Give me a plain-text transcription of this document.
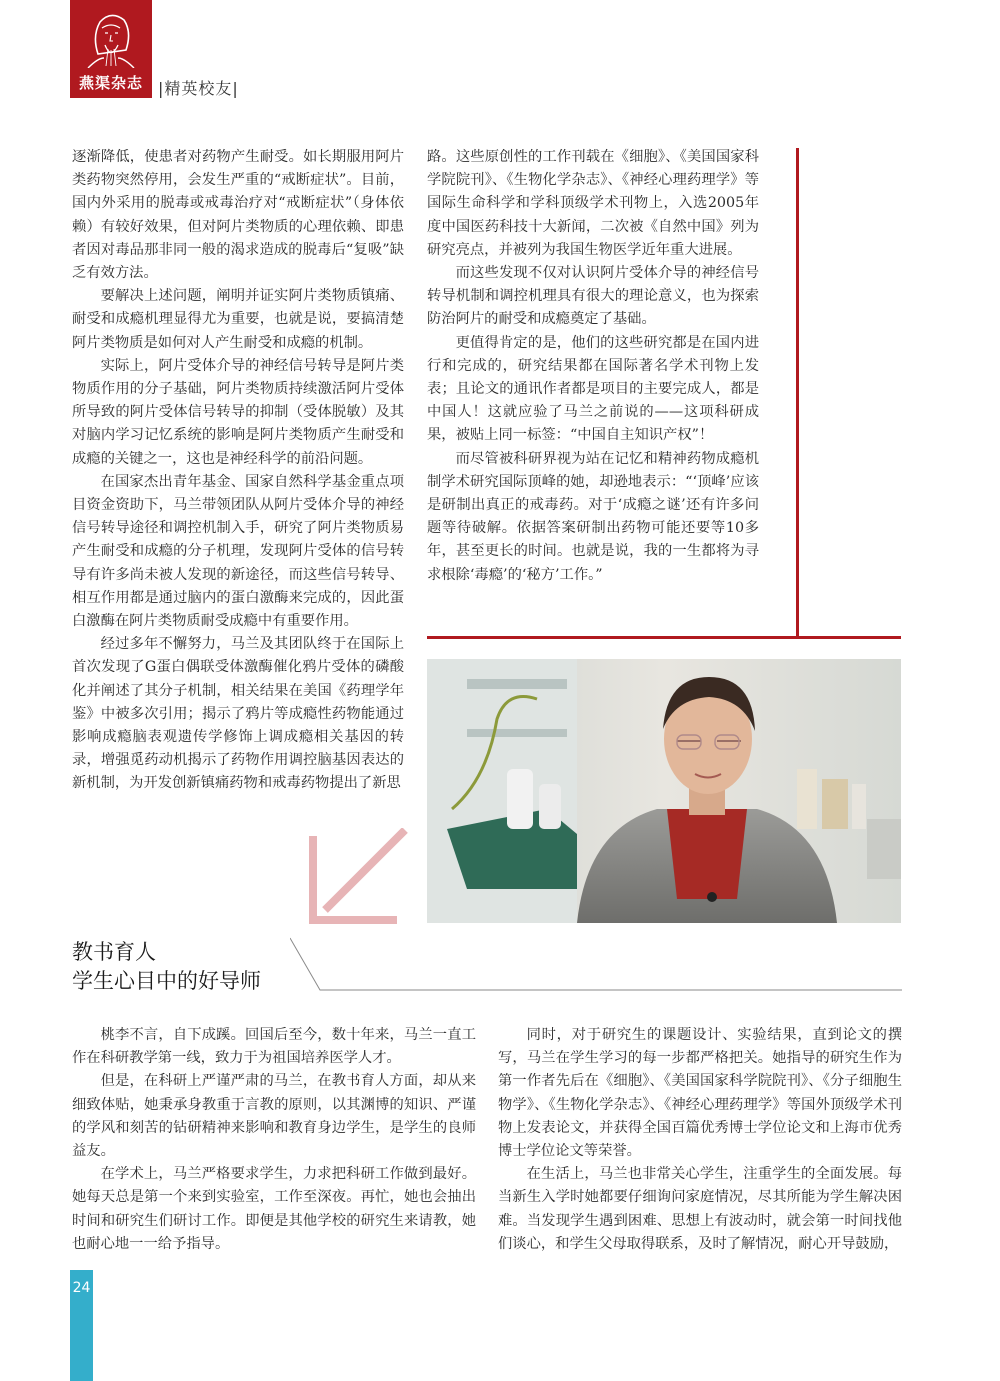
燕渠杂志 |精英校友|

逐渐降低，使患者对药物产生耐受。如长期服用阿片类药物突然停用，会发生严重的“戒断症状”。目前，国内外采用的脱毒或戒毒治疗对“戒断症状”（身体依赖）有较好效果，但对阿片类物质的心理依赖、即患者因对毒品那非同一般的渴求造成的脱毒后“复吸”缺乏有效方法。

要解决上述问题，阐明并证实阿片类物质镇痛、耐受和成瘾机理显得尤为重要，也就是说，要搞清楚阿片类物质是如何对人产生耐受和成瘾的机制。

实际上，阿片受体介导的神经信号转导是阿片类物质作用的分子基础，阿片类物质持续激活阿片受体所导致的阿片受体信号转导的抑制（受体脱敏）及其对脑内学习记忆系统的影响是阿片类物质产生耐受和成瘾的关键之一，这也是神经科学的前沿问题。

在国家杰出青年基金、国家自然科学基金重点项目资金资助下，马兰带领团队从阿片受体介导的神经信号转导途径和调控机制入手，研究了阿片类物质易产生耐受和成瘾的分子机理，发现阿片受体的信号转导有许多尚未被人发现的新途径，而这些信号转导、相互作用都是通过脑内的蛋白激酶来完成的，因此蛋白激酶在阿片类物质耐受成瘾中有重要作用。

经过多年不懈努力，马兰及其团队终于在国际上首次发现了G蛋白偶联受体激酶催化鸦片受体的磷酸化并阐述了其分子机制，相关结果在美国《药理学年鉴》中被多次引用；揭示了鸦片等成瘾性药物能通过影响成瘾脑表观遗传学修饰上调成瘾相关基因的转录，增强觅药动机揭示了药物作用调控脑基因表达的新机制，为开发创新镇痛药物和戒毒药物提出了新思

路。这些原创性的工作刊载在《细胞》、《美国国家科学院院刊》、《生物化学杂志》、《神经心理药理学》等国际生命科学和学科顶级学术刊物上，入选2005年度中国医药科技十大新闻，二次被《自然中国》列为研究亮点，并被列为我国生物医学近年重大进展。

而这些发现不仅对认识阿片受体介导的神经信号转导机制和调控机理具有很大的理论意义，也为探索防治阿片的耐受和成瘾奠定了基础。

更值得肯定的是，他们的这些研究都是在国内进行和完成的，研究结果都在国际著名学术刊物上发表；且论文的通讯作者都是项目的主要完成人，都是中国人！这就应验了马兰之前说的——这项科研成果，被贴上同一标签：“中国自主知识产权”！

而尽管被科研界视为站在记忆和精神药物成瘾机制学术研究国际顶峰的她，却逊地表示：“‘顶峰’应该是研制出真正的戒毒药。对于‘成瘾之谜’还有许多问题等待破解。依据答案研制出药物可能还要等10多年，甚至更长的时间。也就是说，我的一生都将为寻求根除‘毒瘾’的‘秘方’工作。”

教书育人
学生心目中的好导师

桃李不言，自下成蹊。回国后至今，数十年来，马兰一直工作在科研教学第一线，致力于为祖国培养医学人才。

但是，在科研上严谨严肃的马兰，在教书育人方面，却从来细致体贴，她秉承身教重于言教的原则，以其渊博的知识、严谨的学风和刻苦的钻研精神来影响和教育身边学生，是学生的良师益友。

在学术上，马兰严格要求学生，力求把科研工作做到最好。她每天总是第一个来到实验室，工作至深夜。再忙，她也会抽出时间和研究生们研讨工作。即便是其他学校的研究生来请教，她也耐心地一一给予指导。

同时，对于研究生的课题设计、实验结果，直到论文的撰写，马兰在学生学习的每一步都严格把关。她指导的研究生作为第一作者先后在《细胞》、《美国国家科学院院刊》、《分子细胞生物学》、《生物化学杂志》、《神经心理药理学》等国外顶级学术刊物上发表论文，并获得全国百篇优秀博士学位论文和上海市优秀博士学位论文等荣誉。

在生活上，马兰也非常关心学生，注重学生的全面发展。每当新生入学时她都要仔细询问家庭情况，尽其所能为学生解决困难。当发现学生遇到困难、思想上有波动时，就会第一时间找他们谈心，和学生父母取得联系，及时了解情况，耐心开导鼓励，

24
